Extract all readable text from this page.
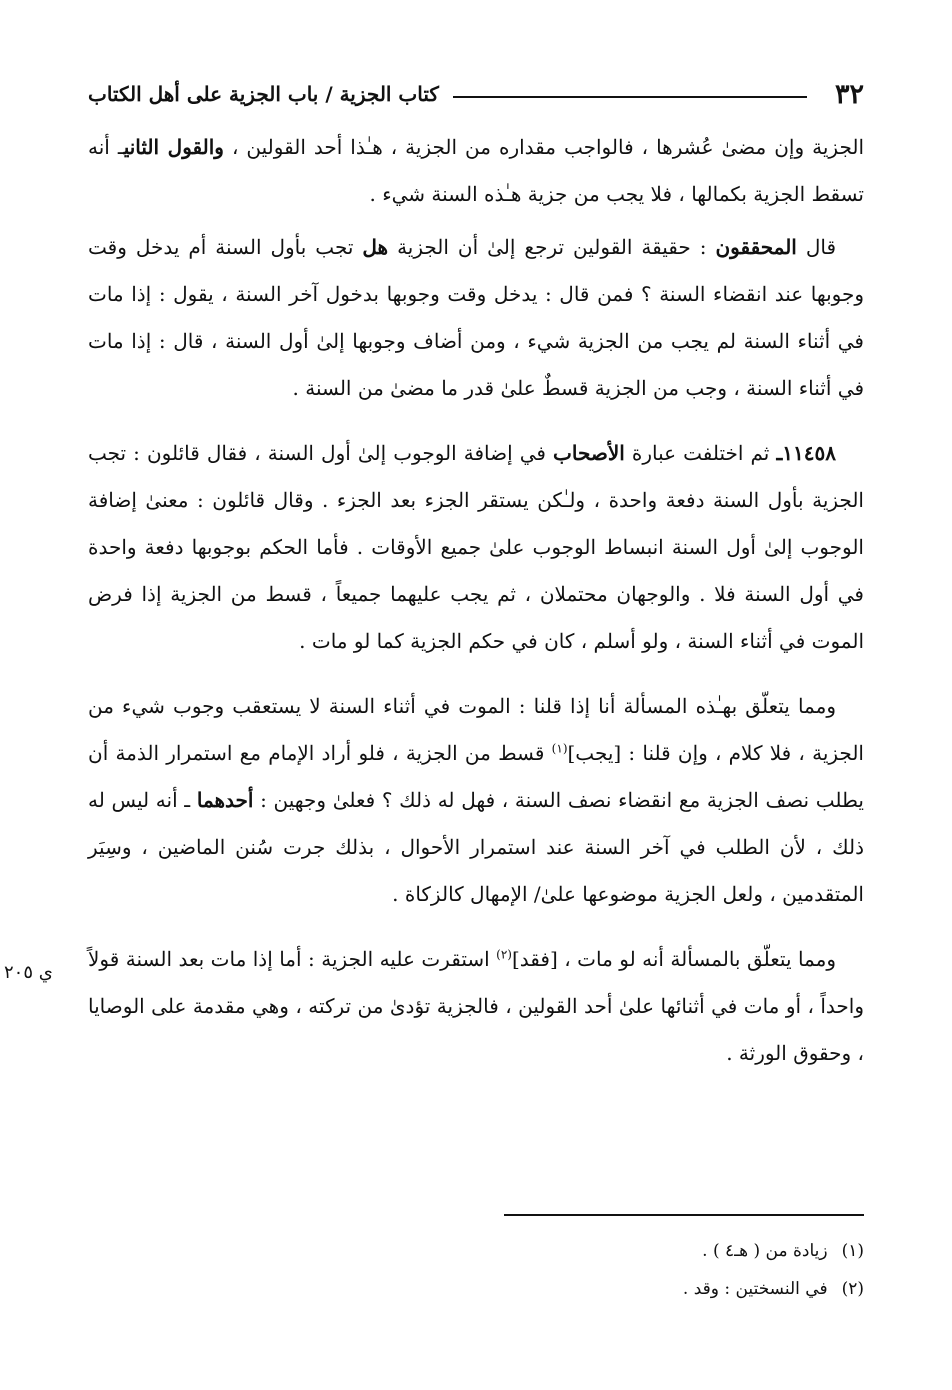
٣٢
كتاب الجزية / باب الجزية على أهل الكتاب

الجزية وإن مضىٰ عُشرها ، فالواجب مقداره من الجزية ، هـٰذا أحد القولين ، والقول الثانيـ أنه تسقط الجزية بكمالها ، فلا يجب من جزية هـٰذه السنة شيء .

قال المحققون : حقيقة القولين ترجع إلىٰ أن الجزية هل تجب بأول السنة أم يدخل وقت وجوبها عند انقضاء السنة ؟ فمن قال : يدخل وقت وجوبها بدخول آخر السنة ، يقول : إذا مات في أثناء السنة لم يجب من الجزية شيء ، ومن أضاف وجوبها إلىٰ أول السنة ، قال : إذا مات في أثناء السنة ، وجب من الجزية قسطٌ علىٰ قدر ما مضىٰ من السنة .

١١٤٥٨ـ ثم اختلفت عبارة الأصحاب في إضافة الوجوب إلىٰ أول السنة ، فقال قائلون : تجب الجزية بأول السنة دفعة واحدة ، ولـٰكن يستقر الجزء بعد الجزء . وقال قائلون : معنىٰ إضافة الوجوب إلىٰ أول السنة انبساط الوجوب علىٰ جميع الأوقات . فأما الحكم بوجوبها دفعة واحدة في أول السنة فلا . والوجهان محتملان ، ثم يجب عليهما جميعاً ، قسط من الجزية إذا فرض الموت في أثناء السنة ، ولو أسلم ، كان في حكم الجزية كما لو مات .

ومما يتعلّق بهـٰذه المسألة أنا إذا قلنا : الموت في أثناء السنة لا يستعقب وجوب شيء من الجزية ، فلا كلام ، وإن قلنا : [يجب]$^{(١)}$ قسط من الجزية ، فلو أراد الإمام مع استمرار الذمة أن يطلب نصف الجزية مع انقضاء نصف السنة ، فهل له ذلك ؟ فعلىٰ وجهين : أحدهما ـ أنه ليس له ذلك ، لأن الطلب في آخر السنة عند استمرار الأحوال ، بذلك جرت سُنن الماضين ، وسِيَر المتقدمين ، ولعل الجزية موضوعها علىٰ/ الإمهال كالزكاة .

ومما يتعلّق بالمسألة أنه لو مات ، [فقد]$^{(٢)}$ استقرت عليه الجزية : أما إذا مات بعد السنة قولاً واحداً ، أو مات في أثنائها علىٰ أحد القولين ، فالجزية تؤدىٰ من تركته ، وهي مقدمة على الوصايا ، وحقوق الورثة .

ي ٢٠٥
(١)زيادة من ( هـ٤ ) .
(٢)في النسختين : وقد .
